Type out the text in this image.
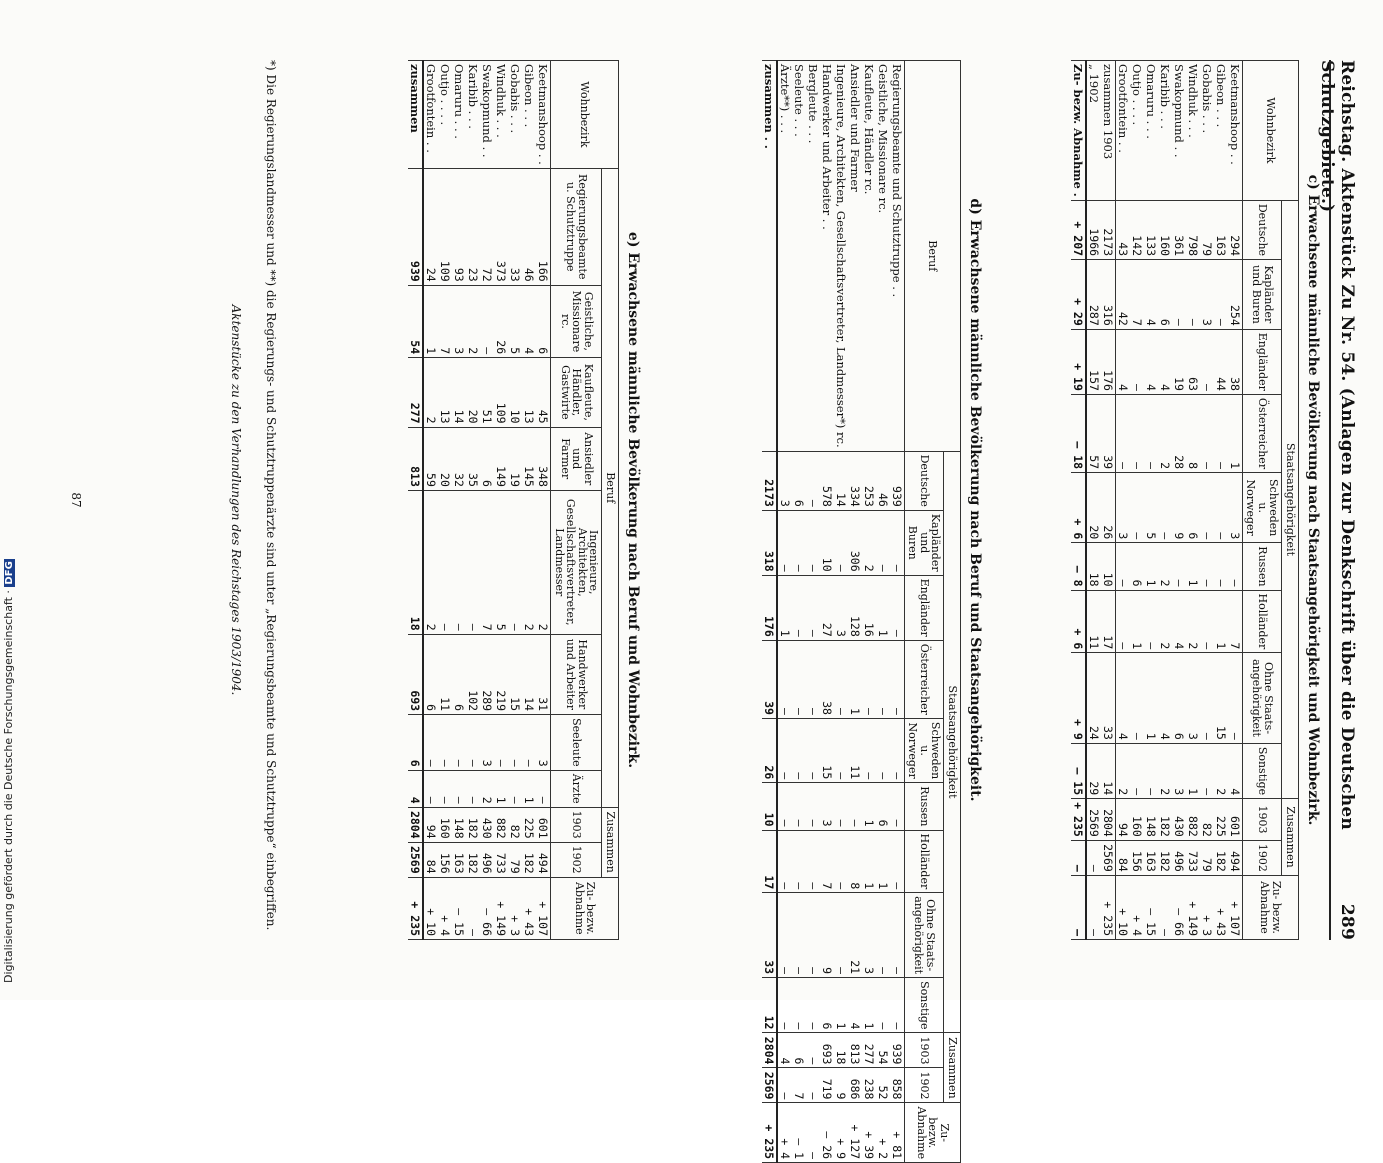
Reichstag. Aktenstück Zu Nr. 54. (Anlagen zur Denkschrift über die Deutschen Schutzgebiete.)
289
c) Erwachsene männliche Bevölkerung nach Staatsangehörigkeit und Wohnbezirk.
Wohnbezirk	Staatsangehörigkeit									Zusammen		Zu- bezw. Abnahme
	Deutsche	Kapländer und Buren	Engländer	Österreicher	Schweden u. Norweger	Russen	Holländer	Ohne Staats-angehörigkeit	Sonstige	1903	1902	
Keetmanshoop . .	294	254	38	1	3	—	7	—	4	601	494	+ 107
Gibeon . . .	163	—	44	—	—	—	1	15	2	225	182	+ 43
Gobabis . . .	79	3	—	—	—	—	—	—	—	82	79	+ 3
Windhuk . . .	798	—	63	8	6	1	2	3	1	882	733	+ 149
Swakopmund . .	361	—	19	28	9	—	4	6	3	430	496	— 66
Karibib . . .	160	6	4	2	—	2	2	4	2	182	182	—
Omaruru . . .	133	4	4	—	5	1	—	1	—	148	163	— 15
Outjo . . . .	142	7	—	—	—	6	1	—	—	160	156	+ 4
Grootfontein . .	43	42	4	—	3	—	—	4	2	94	84	+ 10
zusammen 1903	2173	316	176	39	26	10	17	33	14	2804	2569	+ 235
„ 1902	1966	287	157	57	20	18	11	24	29	2569	—	—
Zu- bezw. Abnahme .	+ 207	+ 29	+ 19	— 18	+ 6	— 8	+ 6	+ 9	— 15	+ 235	—	—
d) Erwachsene männliche Bevölkerung nach Beruf und Staatsangehörigkeit.
Beruf	Staatsangehörigkeit									Zusammen		Zu- bezw. Abnahme
	Deutsche	Kapländer und Buren	Engländer	Österreicher	Schweden u. Norweger	Russen	Holländer	Ohne Staats-angehörigkeit	Sonstige	1903	1902	
Regierungsbeamte und Schutztruppe . .	939	—	—	—	—	—	—	—	—	939	858	+ 81
Geistliche, Missionare rc.	46	—	1	—	—	6	1	—	—	54	52	+ 2
Kaufleute, Händler rc.	253	2	16	—	—	1	1	3	1	277	238	+ 39
Ansiedler und Farmer	334	306	128	1	11	—	8	21	4	813	686	+ 127
Ingenieure, Architekten, Gesellschaftsvertreter, Landmesser*) rc.	14	—	3	—	—	—	—	—	1	18	9	+ 9
Handwerker und Arbeiter . .	578	10	27	38	15	3	7	9	6	693	719	— 26
Bergleute . . .	—	—	—	—	—	—	—	—	—	—	—	—
Seeleute . . .	6	—	—	—	—	—	—	—	—	6	7	— 1
Ärzte**) . . .	3	—	1	—	—	—	—	—	—	4	—	+ 4
zusammen . .	2173	318	176	39	26	10	17	33	12	2804	2569	+ 235
e) Erwachsene männliche Bevölkerung nach Beruf und Wohnbezirk.
Wohnbezirk	Beruf								Zusammen		Zu- bezw. Abnahme
	Regierungsbeamte u. Schutztruppe	Geistliche, Missionare rc.	Kaufleute, Händler, Gastwirte	Ansiedler und Farmer	Ingenieure, Architekten, Gesellschaftsvertreter, Landmesser	Handwerker und Arbeiter	Seeleute	Ärzte	1903	1902	
Keetmanshoop . .	166	6	45	348	2	31	3	—	601	494	+ 107
Gibeon . . .	46	4	13	145	2	14	—	1	225	182	+ 43
Gobabis . . .	33	5	10	19	—	15	—	—	82	79	+ 3
Windhuk . . .	373	26	109	149	5	219	—	1	882	733	+ 149
Swakopmund . .	72	—	51	6	7	289	3	2	430	496	— 66
Karibib . . .	23	2	20	35	—	102	—	—	182	182	—
Omaruru . . .	93	3	14	32	—	6	—	—	148	163	— 15
Outjo . . . .	109	7	13	20	—	11	—	—	160	156	+ 4
Grootfontein . .	24	1	2	59	2	6	—	—	94	84	+ 10
zusammen	939	54	277	813	18	693	6	4	2804	2569	+ 235
*) Die Regierungslandmesser und **) die Regierungs- und Schutztruppenärzte sind unter „Regierungsbeamte und Schutztruppe“ einbegriffen.
Aktenstücke zu den Verhandlungen des Reichstages 1903/1904.
87
Digitalisierung gefördert durch die Deutsche ForschungsgemeinschaftDFG
